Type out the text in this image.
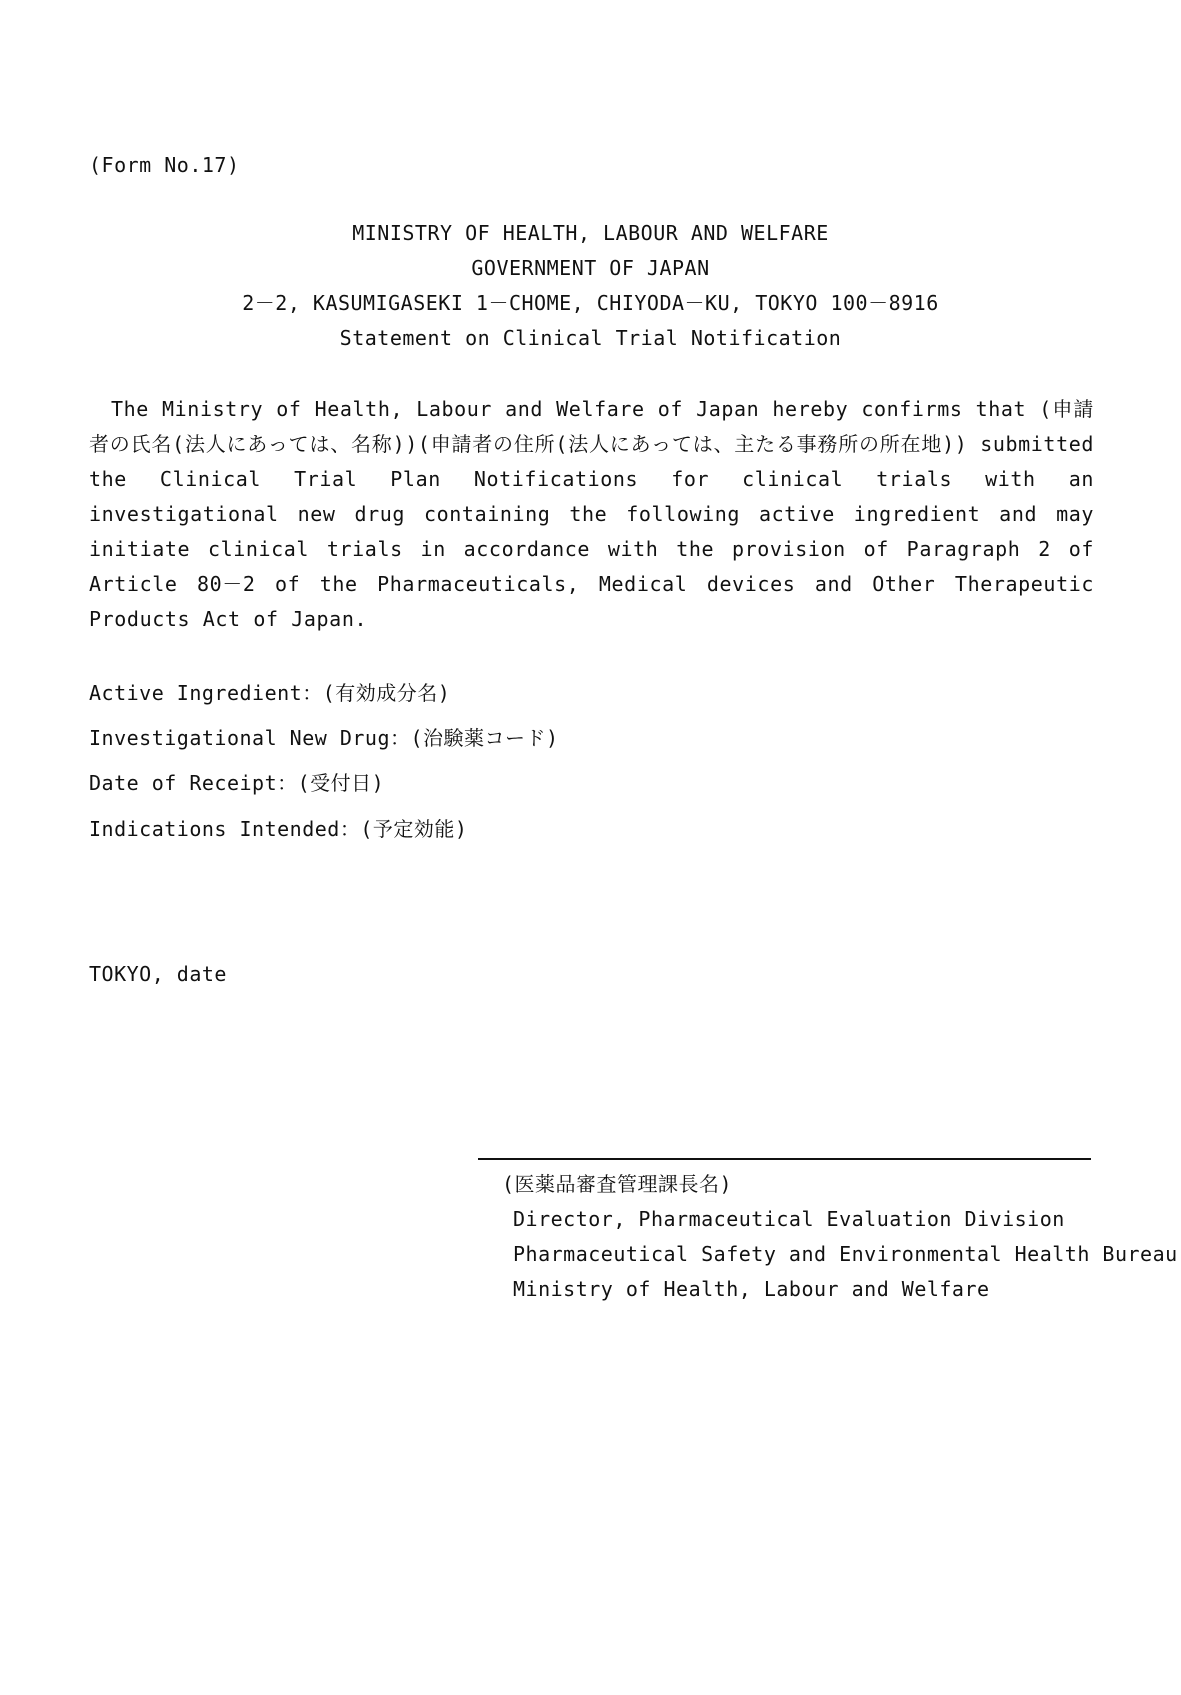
(Form No.17)
MINISTRY OF HEALTH, LABOUR AND WELFARE
GOVERNMENT OF JAPAN
2－2, KASUMIGASEKI 1－CHOME, CHIYODA－KU, TOKYO 100－8916
Statement on Clinical Trial Notification
The Ministry of Health, Labour and Welfare of Japan hereby confirms that (申請者の氏名(法人にあっては、名称))(申請者の住所(法人にあっては、主たる事務所の所在地)) submitted the Clinical Trial Plan Notifications for clinical trials with an investigational new drug containing the following active ingredient and may initiate clinical trials in accordance with the provision of Paragraph 2 of Article 80－2 of the Pharmaceuticals, Medical devices and Other Therapeutic Products Act of Japan.
Active Ingredient：(有効成分名)
Investigational New Drug：(治験薬コード)
Date of Receipt：(受付日)
Indications Intended：(予定効能)
TOKYO, date
(医薬品審査管理課長名)
Director, Pharmaceutical Evaluation Division
Pharmaceutical Safety and Environmental Health Bureau
Ministry of Health, Labour and Welfare
